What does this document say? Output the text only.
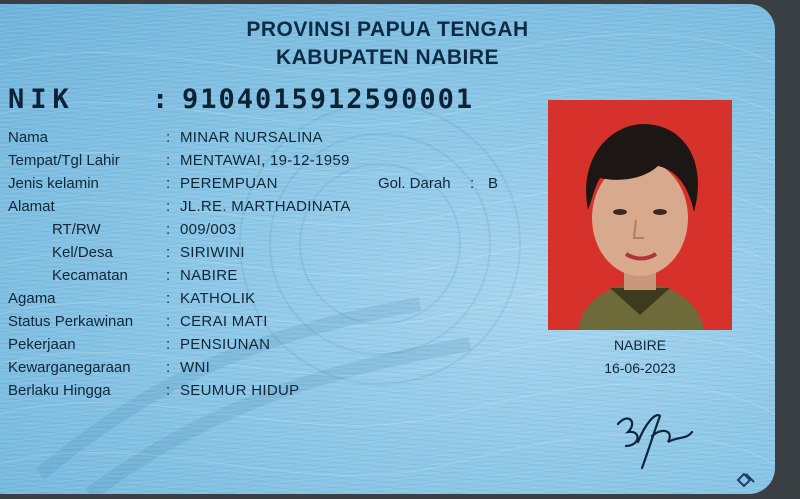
PROVINSI PAPUA TENGAH
KABUPATEN NABIRE
NIK	: 9104015912590001
Nama	: MINAR NURSALINA
Tempat/Tgl Lahir	: MENTAWAI, 19-12-1959
Jenis kelamin	: PEREMPUAN	Gol. Darah : B
Alamat	: JL.RE. MARTHADINATA
RT/RW	: 009/003
Kel/Desa	: SIRIWINI
Kecamatan	: NABIRE
Agama	: KATHOLIK
Status Perkawinan : CERAI MATI
Pekerjaan	: PENSIUNAN
Kewarganegaraan : WNI
Berlaku Hingga	: SEUMUR HIDUP
NABIRE
16-06-2023
